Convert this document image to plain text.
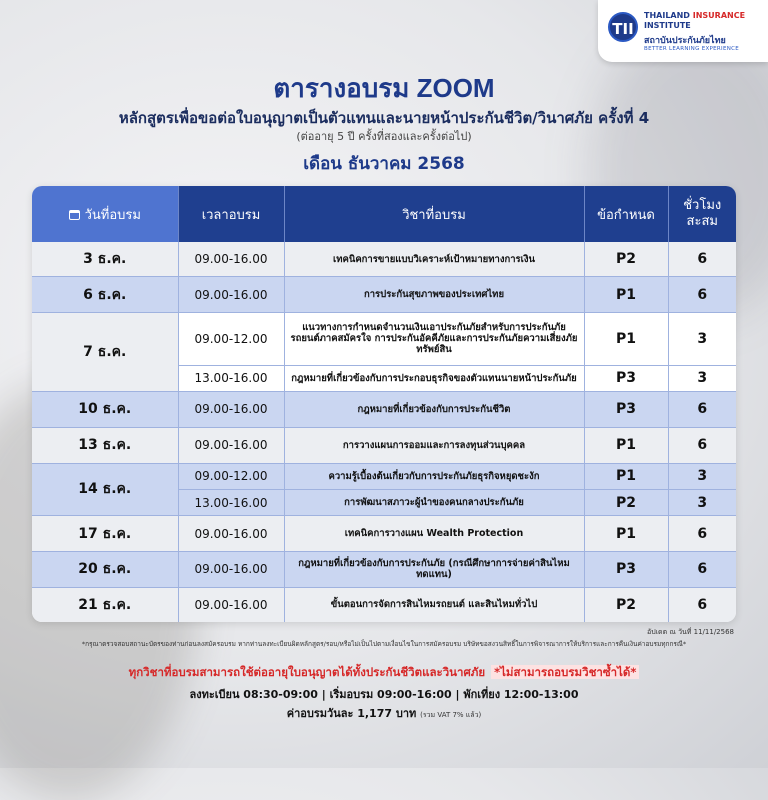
TII
THAILAND INSURANCE
INSTITUTE
สถาบันประกันภัยไทย
BETTER LEARNING EXPERIENCE
ตารางอบรม ZOOM
หลักสูตรเพื่อขอต่อใบอนุญาตเป็นตัวแทนและนายหน้าประกันชีวิต/วินาศภัย ครั้งที่ 4
(ต่ออายุ 5 ปี ครั้งที่สองและครั้งต่อไป)
เดือน ธันวาคม 2568
วันที่อบรม	เวลาอบรม	วิชาที่อบรม	ข้อกำหนด	ชั่วโมง สะสม
3 ธ.ค.	09.00-16.00	เทคนิคการขายแบบวิเคราะห์เป้าหมายทางการเงิน	P2	6
6 ธ.ค.	09.00-16.00	การประกันสุขภาพของประเทศไทย	P1	6
7 ธ.ค.	09.00-12.00	แนวทางการกำหนดจำนวนเงินเอาประกันภัยสำหรับการประกันภัยรถยนต์ภาคสมัครใจ การประกันอัคคีภัยและการประกันภัยความเสี่ยงภัยทรัพย์สิน	P1	3
	13.00-16.00	กฎหมายที่เกี่ยวข้องกับการประกอบธุรกิจของตัวแทนนายหน้าประกันภัย	P3	3
10 ธ.ค.	09.00-16.00	กฎหมายที่เกี่ยวข้องกับการประกันชีวิต	P3	6
13 ธ.ค.	09.00-16.00	การวางแผนการออมและการลงทุนส่วนบุคคล	P1	6
14 ธ.ค.	09.00-12.00	ความรู้เบื้องต้นเกี่ยวกับการประกันภัยธุรกิจหยุดชะงัก	P1	3
	13.00-16.00	การพัฒนาสภาวะผู้นำของคนกลางประกันภัย	P2	3
17 ธ.ค.	09.00-16.00	เทคนิคการวางแผน Wealth Protection	P1	6
20 ธ.ค.	09.00-16.00	กฎหมายที่เกี่ยวข้องกับการประกันภัย (กรณีศึกษาการจ่ายค่าสินไหมทดแทน)	P3	6
21 ธ.ค.	09.00-16.00	ขั้นตอนการจัดการสินไหมรถยนต์ และสินไหมทั่วไป	P2	6
อัปเดต ณ วันที่ 11/11/2568
*กรุณาตรวจสอบสถานะบัตรของท่านก่อนลงสมัครอบรม หากท่านลงทะเบียนผิดหลักสูตร/รอบ/หรือไม่เป็นไปตามเงื่อนไขในการสมัครอบรม บริษัทขอสงวนสิทธิ์ในการพิจารณาการให้บริการและการคืนเงินค่าอบรมทุกกรณี*
ทุกวิชาที่อบรมสามารถใช้ต่ออายุใบอนุญาตได้ทั้งประกันชีวิตและวินาศภัย *ไม่สามารถอบรมวิชาซ้ำได้*
ลงทะเบียน 08:30-09:00 | เริ่มอบรม 09:00-16:00 | พักเที่ยง 12:00-13:00
ค่าอบรมวันละ 1,177 บาท (รวม VAT 7% แล้ว)
